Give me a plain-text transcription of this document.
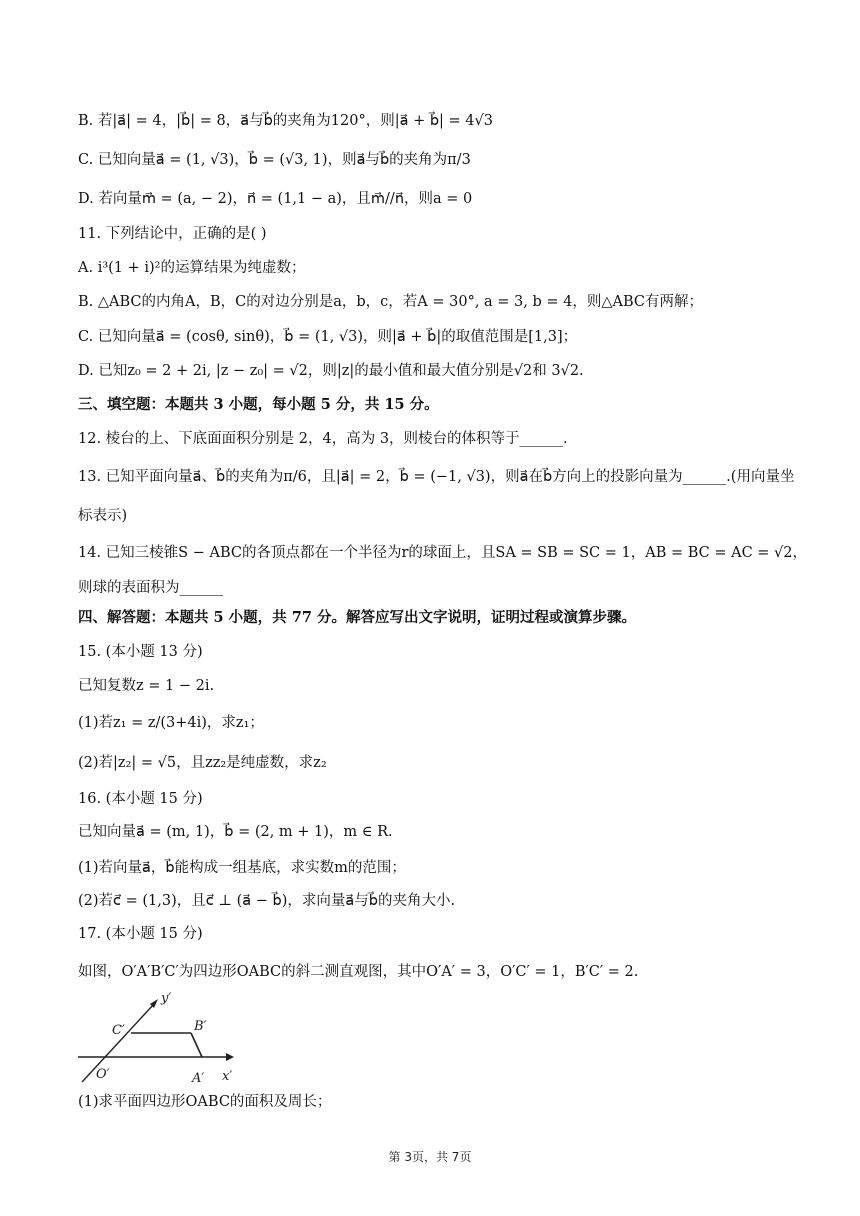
B. 若|a⃗| = 4，|b⃗| = 8，a⃗与b⃗的夹角为120°，则|a⃗ + b⃗| = 4√3
C. 已知向量a⃗ = (1, √3)，b⃗ = (√3, 1)，则a⃗与b⃗的夹角为π/3
D. 若向量m⃗ = (a, − 2)，n⃗ = (1,1 − a)，且m⃗//n⃗，则a = 0
11. 下列结论中，正确的是( )
A. i³(1 + i)²的运算结果为纯虚数；
B. △ABC的内角A，B，C的对边分别是a，b，c，若A = 30°, a = 3, b = 4，则△ABC有两解；
C. 已知向量a⃗ = (cosθ, sinθ)，b⃗ = (1, √3)，则|a⃗ + b⃗|的取值范围是[1,3]；
D. 已知z₀ = 2 + 2i, |z − z₀| = √2，则|z|的最小值和最大值分别是√2和 3√2.
三、填空题：本题共 3 小题，每小题 5 分，共 15 分。
12. 棱台的上、下底面面积分别是 2，4，高为 3，则棱台的体积等于______.
13. 已知平面向量a⃗、b⃗的夹角为π/6，且|a⃗| = 2，b⃗ = (−1, √3)，则a⃗在b⃗方向上的投影向量为______.(用向量坐
标表示)
14. 已知三棱锥S − ABC的各顶点都在一个半径为r的球面上，且SA = SB = SC = 1，AB = BC = AC = √2，
则球的表面积为______
四、解答题：本题共 5 小题，共 77 分。解答应写出文字说明，证明过程或演算步骤。
15. (本小题 13 分)
已知复数z = 1 − 2i.
(1)若z₁ = z/(3+4i)，求z₁；
(2)若|z₂| = √5，且zz₂是纯虚数，求z₂
16. (本小题 15 分)
已知向量a⃗ = (m, 1)，b⃗ = (2, m + 1)，m ∈ R.
(1)若向量a⃗，b⃗能构成一组基底，求实数m的范围；
(2)若c⃗ = (1,3)，且c⃗ ⊥ (a⃗ − b⃗)，求向量a⃗与b⃗的夹角大小.
17. (本小题 15 分)
如图，O′A′B′C′为四边形OABC的斜二测直观图，其中O′A′ = 3，O′C′ = 1，B′C′ = 2.
y′
C′	B′
O′	A′ x′
(1)求平面四边形OABC的面积及周长；
第 3页，共 7页
